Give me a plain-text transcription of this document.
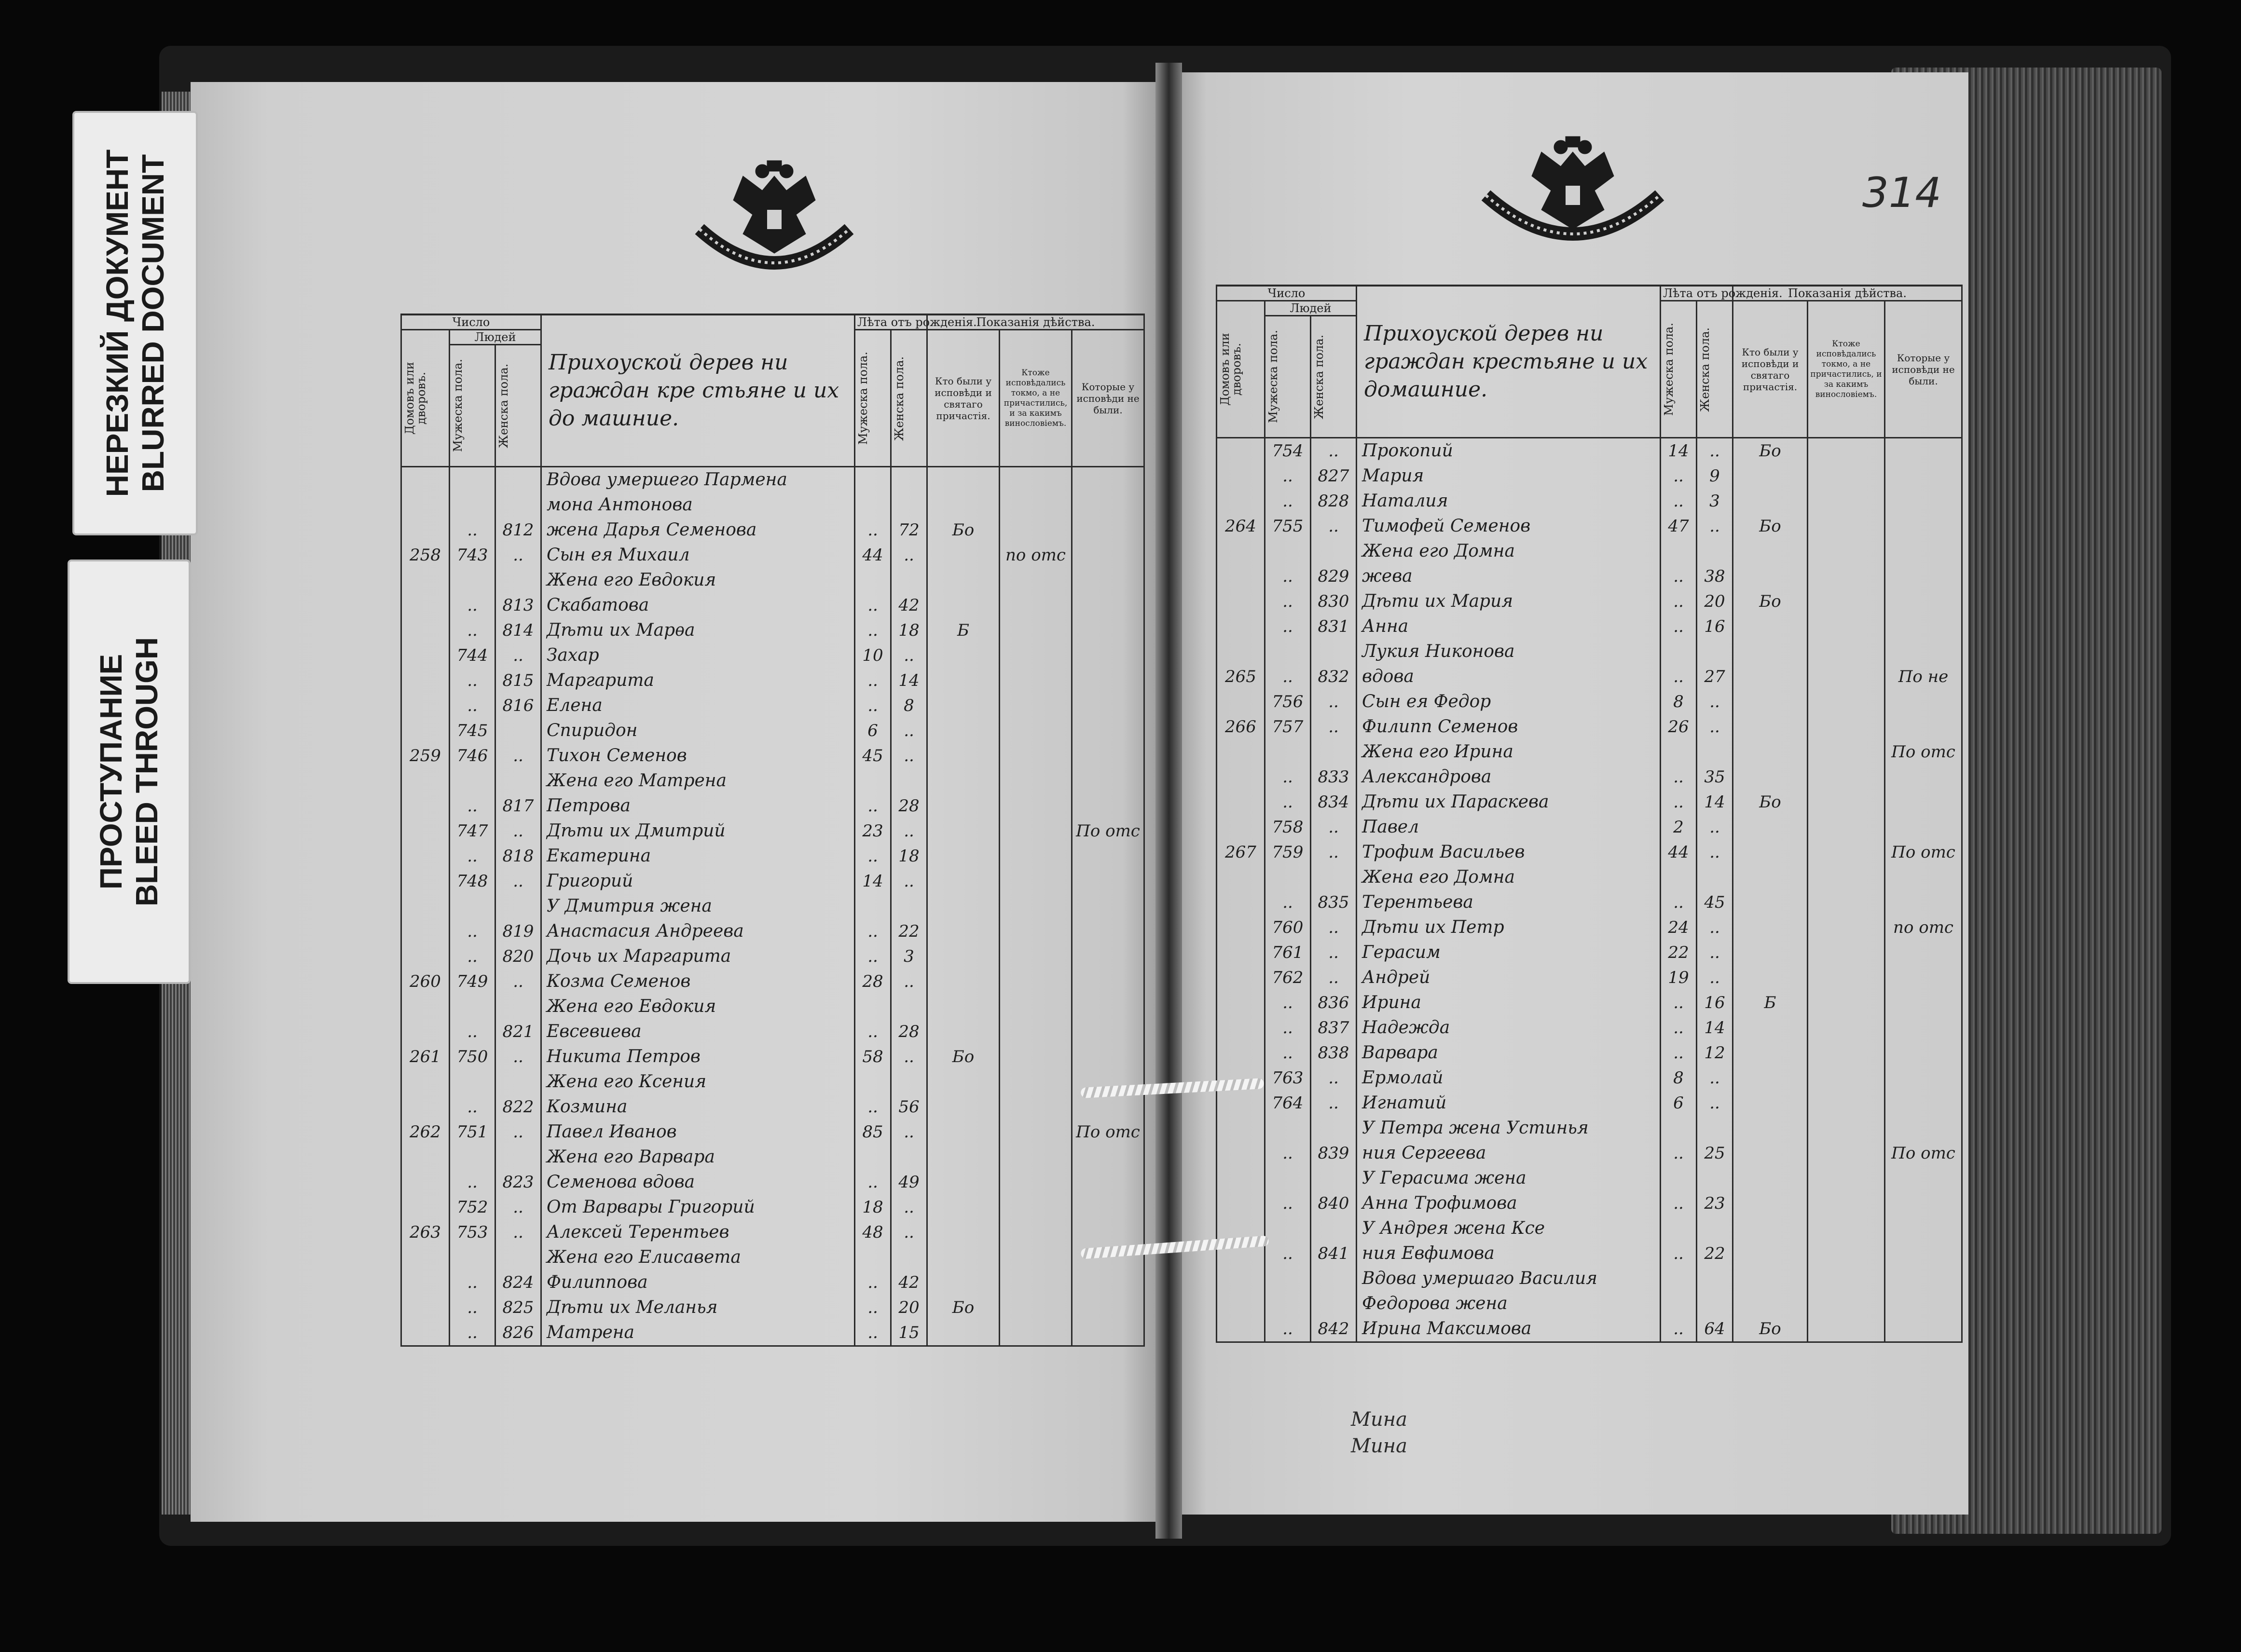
НЕРЕЗКИЙ ДОКУМЕНТ BLURRED DOCUMENT
ПРОСТУПАНИЕ BLEED THROUGH
314
Число			Прихоуской дерев ни граждан кре стьяне и их до машние.	Лѣта отъ рожденія.		Показанія дѣйства.		

Домовъ или дворовъ.	Людей			Мужеска пола.	Женска пола.	Кто были у исповѣди и святаго причастія.	Ктоже исповѣдались токмо, а не причастились, и за какимъ винословіемъ.	Которые у исповѣди не были.

	Мужеска пола.	Женска пола.						

			Вдова умершего Пармена					
			мона Антонова					
	..	812	жена Дарья Семенова	..	72	Бо		
258	743	..	Сын ея Михаил	44	..		по отс	
			Жена его Евдокия					
	..	813	Скабатова	..	42			
	..	814	Дѣти их Марѳа	..	18	Б		
	744	..	Захар	10	..			
	..	815	Маргарита	..	14			
	..	816	Елена	..	8			
	745		Спиридон	6	..			
259	746	..	Тихон Семенов	45	..			
			Жена его Матрена					
	..	817	Петрова	..	28			
	747	..	Дѣти их Дмитрий	23	..			По отс
	..	818	Екатерина	..	18			
	748	..	Григорий	14	..			
			У Дмитрия жена					
	..	819	Анастасия Андреева	..	22			
	..	820	Дочь их Маргарита	..	3			
260	749	..	Козма Семенов	28	..			
			Жена его Евдокия					
	..	821	Евсевиева	..	28			
261	750	..	Никита Петров	58	..	Бо		
			Жена его Ксения					
	..	822	Козмина	..	56			
262	751	..	Павел Иванов	85	..			По отс
			Жена его Варвара					
	..	823	Семенова вдова	..	49			
	752	..	От Варвары Григорий	18	..			
263	753	..	Алексей Терентьев	48	..			
			Жена его Елисавета					
	..	824	Филиппова	..	42			
	..	825	Дѣти их Меланья	..	20	Бо		
	..	826	Матрена	..	15			
Число			Прихоуской дерев ни граждан крестьяне и их домашние.	Лѣта отъ рожденія.		Показанія дѣйства.		

Домовъ или дворовъ.	Людей			Мужеска пола.	Женска пола.	Кто были у исповѣди и святаго причастія.	Ктоже исповѣдались токмо, а не причастились, и за какимъ винословіемъ.	Которые у исповѣди не были.

	Мужеска пола.	Женска пола.						

	754	..	Прокопий	14	..	Бо		
	..	827	Мария	..	9			
	..	828	Наталия	..	3			
264	755	..	Тимофей Семенов	47	..	Бо		
			Жена его Домна					
	..	829	жева	..	38			
	..	830	Дѣти их Мария	..	20	Бо		
	..	831	Анна	..	16			
			Лукия Никонова					
265	..	832	вдова	..	27			По не
	756	..	Сын ея Федор	8	..			
266	757	..	Филипп Семенов	26	..			
			Жена его Ирина					По отс
	..	833	Александрова	..	35			
	..	834	Дѣти их Параскева	..	14	Бо		
	758	..	Павел	2	..			
267	759	..	Трофим Васильев	44	..			По отс
			Жена его Домна					
	..	835	Терентьева	..	45			
	760	..	Дѣти их Петр	24	..			по отс
	761	..	Герасим	22	..			
	762	..	Андрей	19	..			
	..	836	Ирина	..	16	Б		
	..	837	Надежда	..	14			
	..	838	Варвара	..	12			
	763	..	Ермолай	8	..			
	764	..	Игнатий	6	..			
			У Петра жена Устинья					
	..	839	ния Сергеева	..	25			По отс
			У Герасима жена					
	..	840	Анна Трофимова	..	23			
			У Андрея жена Ксе					
	..	841	ния Евфимова	..	22			
			Вдова умершаго Василия					
			Федорова жена					
	..	842	Ирина Максимова	..	64	Бо		
Мина
Мина
